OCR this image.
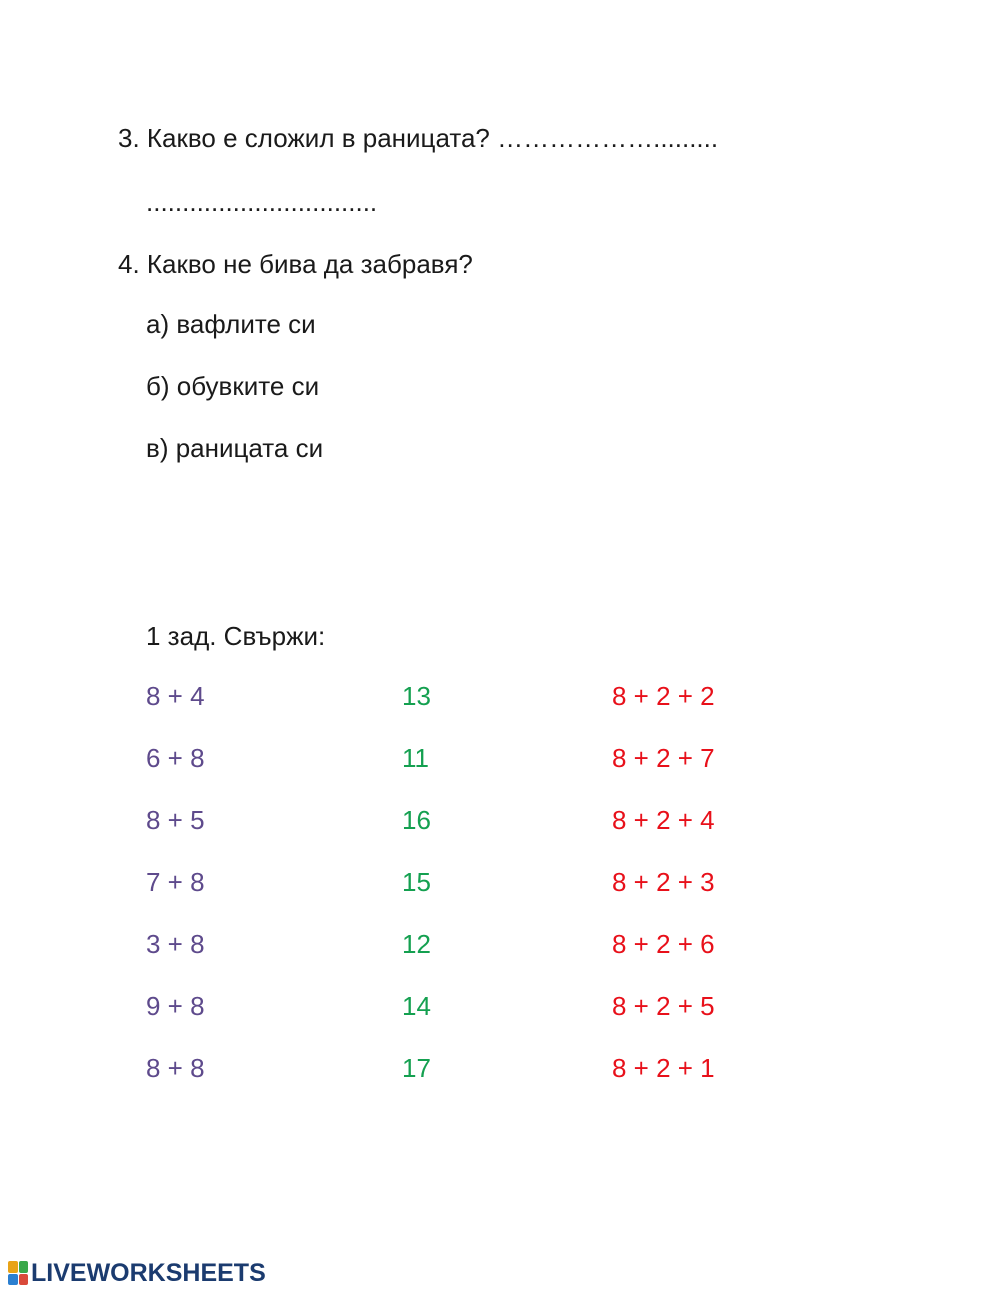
3. Какво е сложил в раницата? ……………….........
................................
4. Какво не бива да забравя?
а) вафлите си
б) обувките си
в) раницата си
1 зад. Свържи:
8 + 4	13	8 + 2 + 2
6 + 8	11	8 + 2 + 7
8 + 5	16	8 + 2 + 4
7 + 8	15	8 + 2 + 3
3 + 8	12	8 + 2 + 6
9 + 8	14	8 + 2 + 5
8 + 8	17	8 + 2 + 1
LIVEWORKSHEETS
